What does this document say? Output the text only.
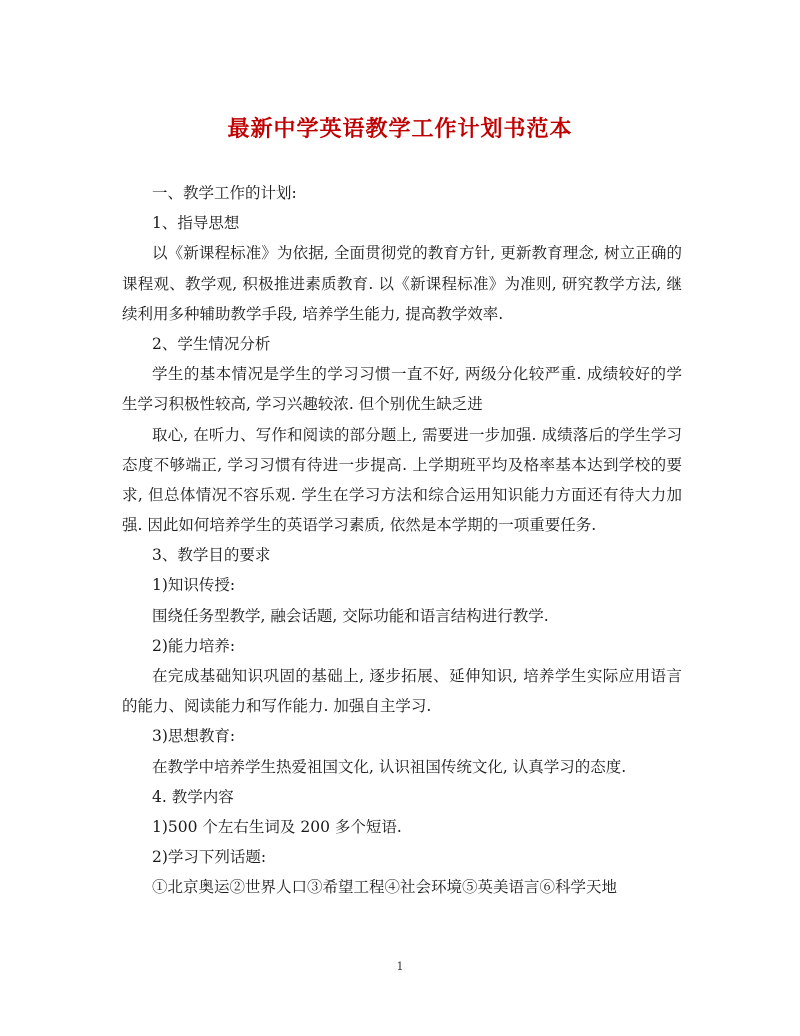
最新中学英语教学工作计划书范本
一、教学工作的计划:
1、指导思想
以《新课程标准》为依据, 全面贯彻党的教育方针, 更新教育理念, 树立正确的
课程观、教学观, 积极推进素质教育. 以《新课程标准》为准则, 研究教学方法, 继
续利用多种辅助教学手段, 培养学生能力, 提高教学效率.
2、学生情况分析
学生的基本情况是学生的学习习惯一直不好, 两级分化较严重. 成绩较好的学
生学习积极性较高, 学习兴趣较浓. 但个别优生缺乏进
取心, 在听力、写作和阅读的部分题上, 需要进一步加强. 成绩落后的学生学习
态度不够端正, 学习习惯有待进一步提高. 上学期班平均及格率基本达到学校的要
求, 但总体情况不容乐观. 学生在学习方法和综合运用知识能力方面还有待大力加
强. 因此如何培养学生的英语学习素质, 依然是本学期的一项重要任务.
3、教学目的要求
1)知识传授:
围绕任务型教学, 融会话题, 交际功能和语言结构进行教学.
2)能力培养:
在完成基础知识巩固的基础上, 逐步拓展、延伸知识, 培养学生实际应用语言
的能力、阅读能力和写作能力. 加强自主学习.
3)思想教育:
在教学中培养学生热爱祖国文化, 认识祖国传统文化, 认真学习的态度.
4. 教学内容
1)500 个左右生词及 200 多个短语.
2)学习下列话题:
①北京奥运②世界人口③希望工程④社会环境⑤英美语言⑥科学天地
1
